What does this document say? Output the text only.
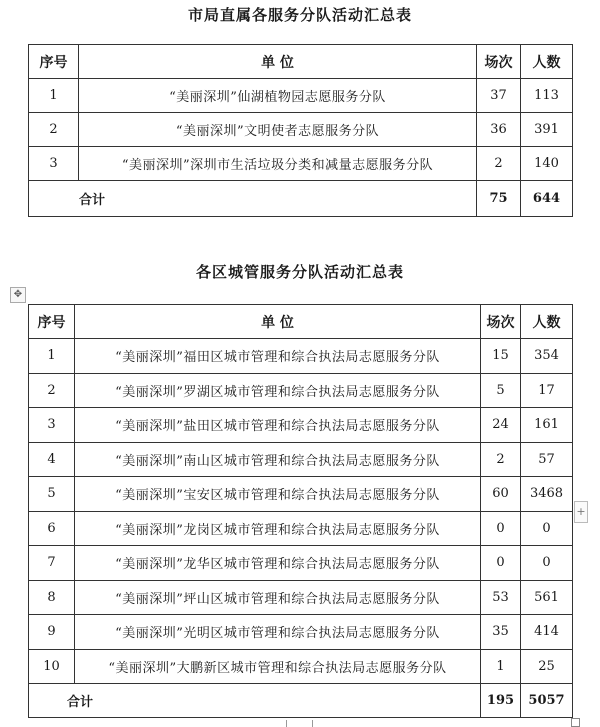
市局直属各服务分队活动汇总表
序号	单 位	场次	人数
1	“美丽深圳”仙湖植物园志愿服务分队	37	113
2	“美丽深圳”文明使者志愿服务分队	36	391
3	“美丽深圳”深圳市生活垃圾分类和减量志愿服务分队	2	140
合计		75	644
各区城管服务分队活动汇总表
✥
序号	单 位	场次	人数
1	“美丽深圳”福田区城市管理和综合执法局志愿服务分队	15	354
2	“美丽深圳”罗湖区城市管理和综合执法局志愿服务分队	5	17
3	“美丽深圳”盐田区城市管理和综合执法局志愿服务分队	24	161
4	“美丽深圳”南山区城市管理和综合执法局志愿服务分队	2	57
5	“美丽深圳”宝安区城市管理和综合执法局志愿服务分队	60	3468
6	“美丽深圳”龙岗区城市管理和综合执法局志愿服务分队	0	0
7	“美丽深圳”龙华区城市管理和综合执法局志愿服务分队	0	0
8	“美丽深圳”坪山区城市管理和综合执法局志愿服务分队	53	561
9	“美丽深圳”光明区城市管理和综合执法局志愿服务分队	35	414
10	“美丽深圳”大鹏新区城市管理和综合执法局志愿服务分队	1	25
合计		195	5057
+
